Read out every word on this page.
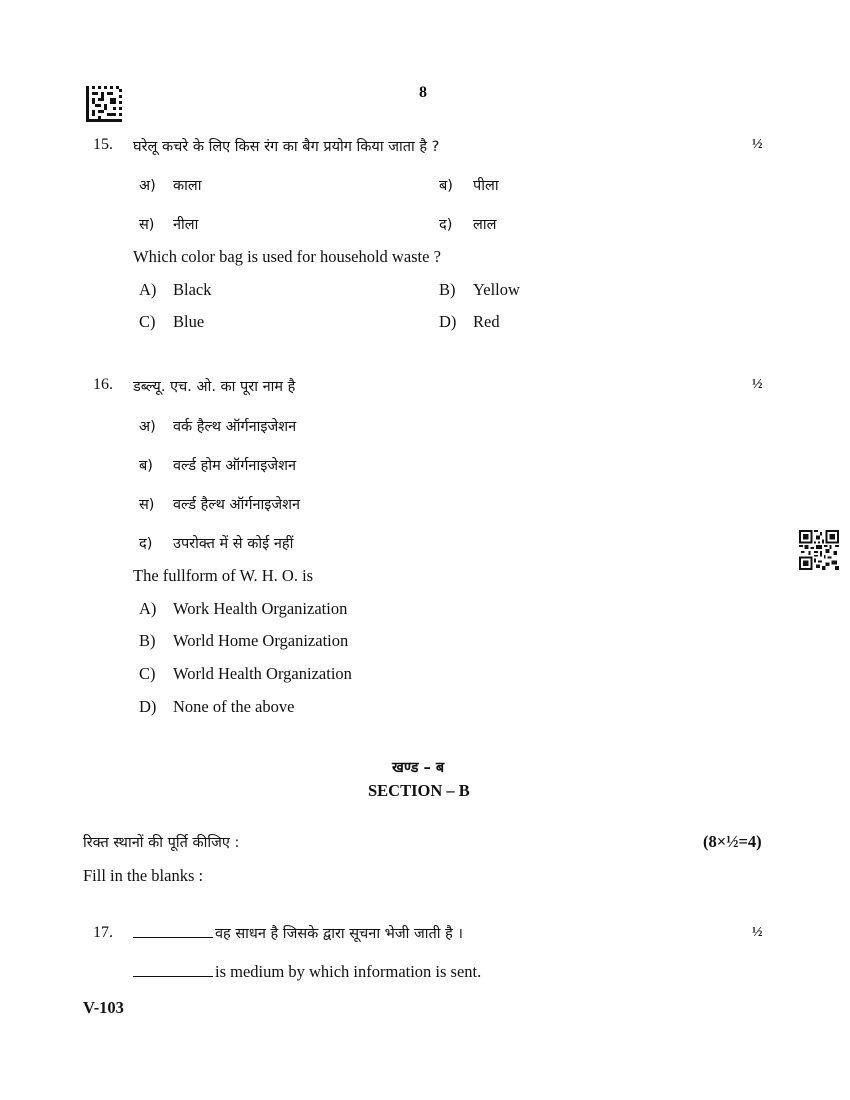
8
15. घरेलू कचरे के लिए किस रंग का बैग प्रयोग किया जाता है ?	½
अ) काला	ब) पीला
स) नीला	द) लाल
Which color bag is used for household waste ?
A) Black	B) Yellow
C) Blue	D) Red
16. डब्ल्यू. एच. ओ. का पूरा नाम है	½
अ) वर्क हैल्थ ऑर्गनाइजेशन
ब) वर्ल्ड होम ऑर्गनाइजेशन
स) वर्ल्ड हैल्थ ऑर्गनाइजेशन
द) उपरोक्त में से कोई नहीं
The fullform of W. H. O. is
A) Work Health Organization
B) World Home Organization
C) World Health Organization
D) None of the above
खण्ड – ब
SECTION – B
रिक्त स्थानों की पूर्ति कीजिए :	(8×½=4)
Fill in the blanks :
17.	वह साधन है जिसके द्वारा सूचना भेजी जाती है ।	½
is medium by which information is sent.
V-103
